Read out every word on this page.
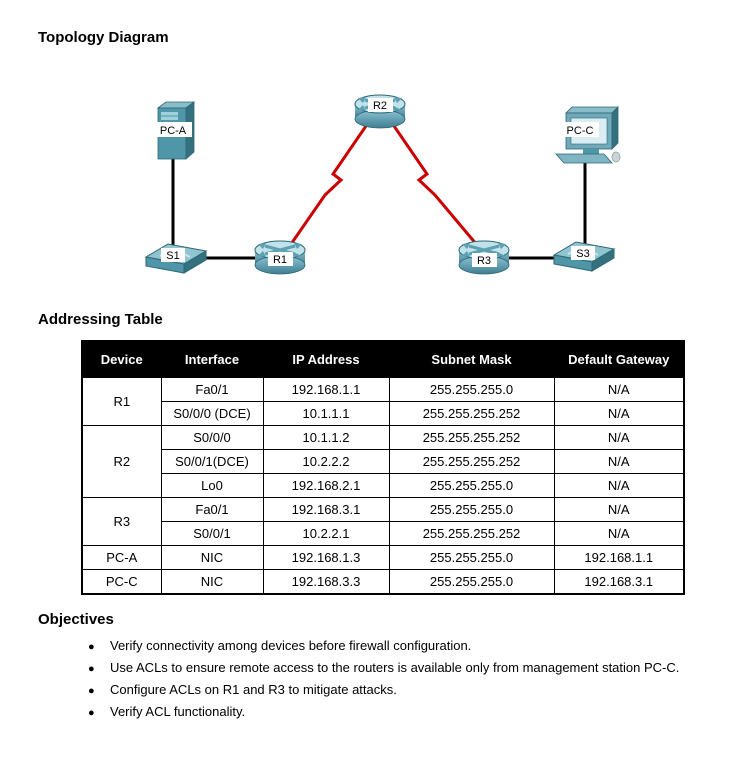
Topology Diagram
PC-A
R2
PC-C
S1	R1	R3
S3
Addressing Table
Device	Interface	IP Address	Subnet Mask	Default Gateway
R1	Fa0/1	192.168.1.1	255.255.255.0	N/A
	S0/0/0 (DCE)	10.1.1.1	255.255.255.252	N/A
R2	S0/0/0	10.1.1.2	255.255.255.252	N/A
	S0/0/1(DCE)	10.2.2.2	255.255.255.252	N/A
	Lo0	192.168.2.1	255.255.255.0	N/A
R3	Fa0/1	192.168.3.1	255.255.255.0	N/A
	S0/0/1	10.2.2.1	255.255.255.252	N/A
PC-A	NIC	192.168.1.3	255.255.255.0	192.168.1.1
PC-C	NIC	192.168.3.3	255.255.255.0	192.168.3.1
Objectives
●	Verify connectivity among devices before firewall configuration.
●	Use ACLs to ensure remote access to the routers is available only from management station PC-C.
●	Configure ACLs on R1 and R3 to mitigate attacks.
●	Verify ACL functionality.
